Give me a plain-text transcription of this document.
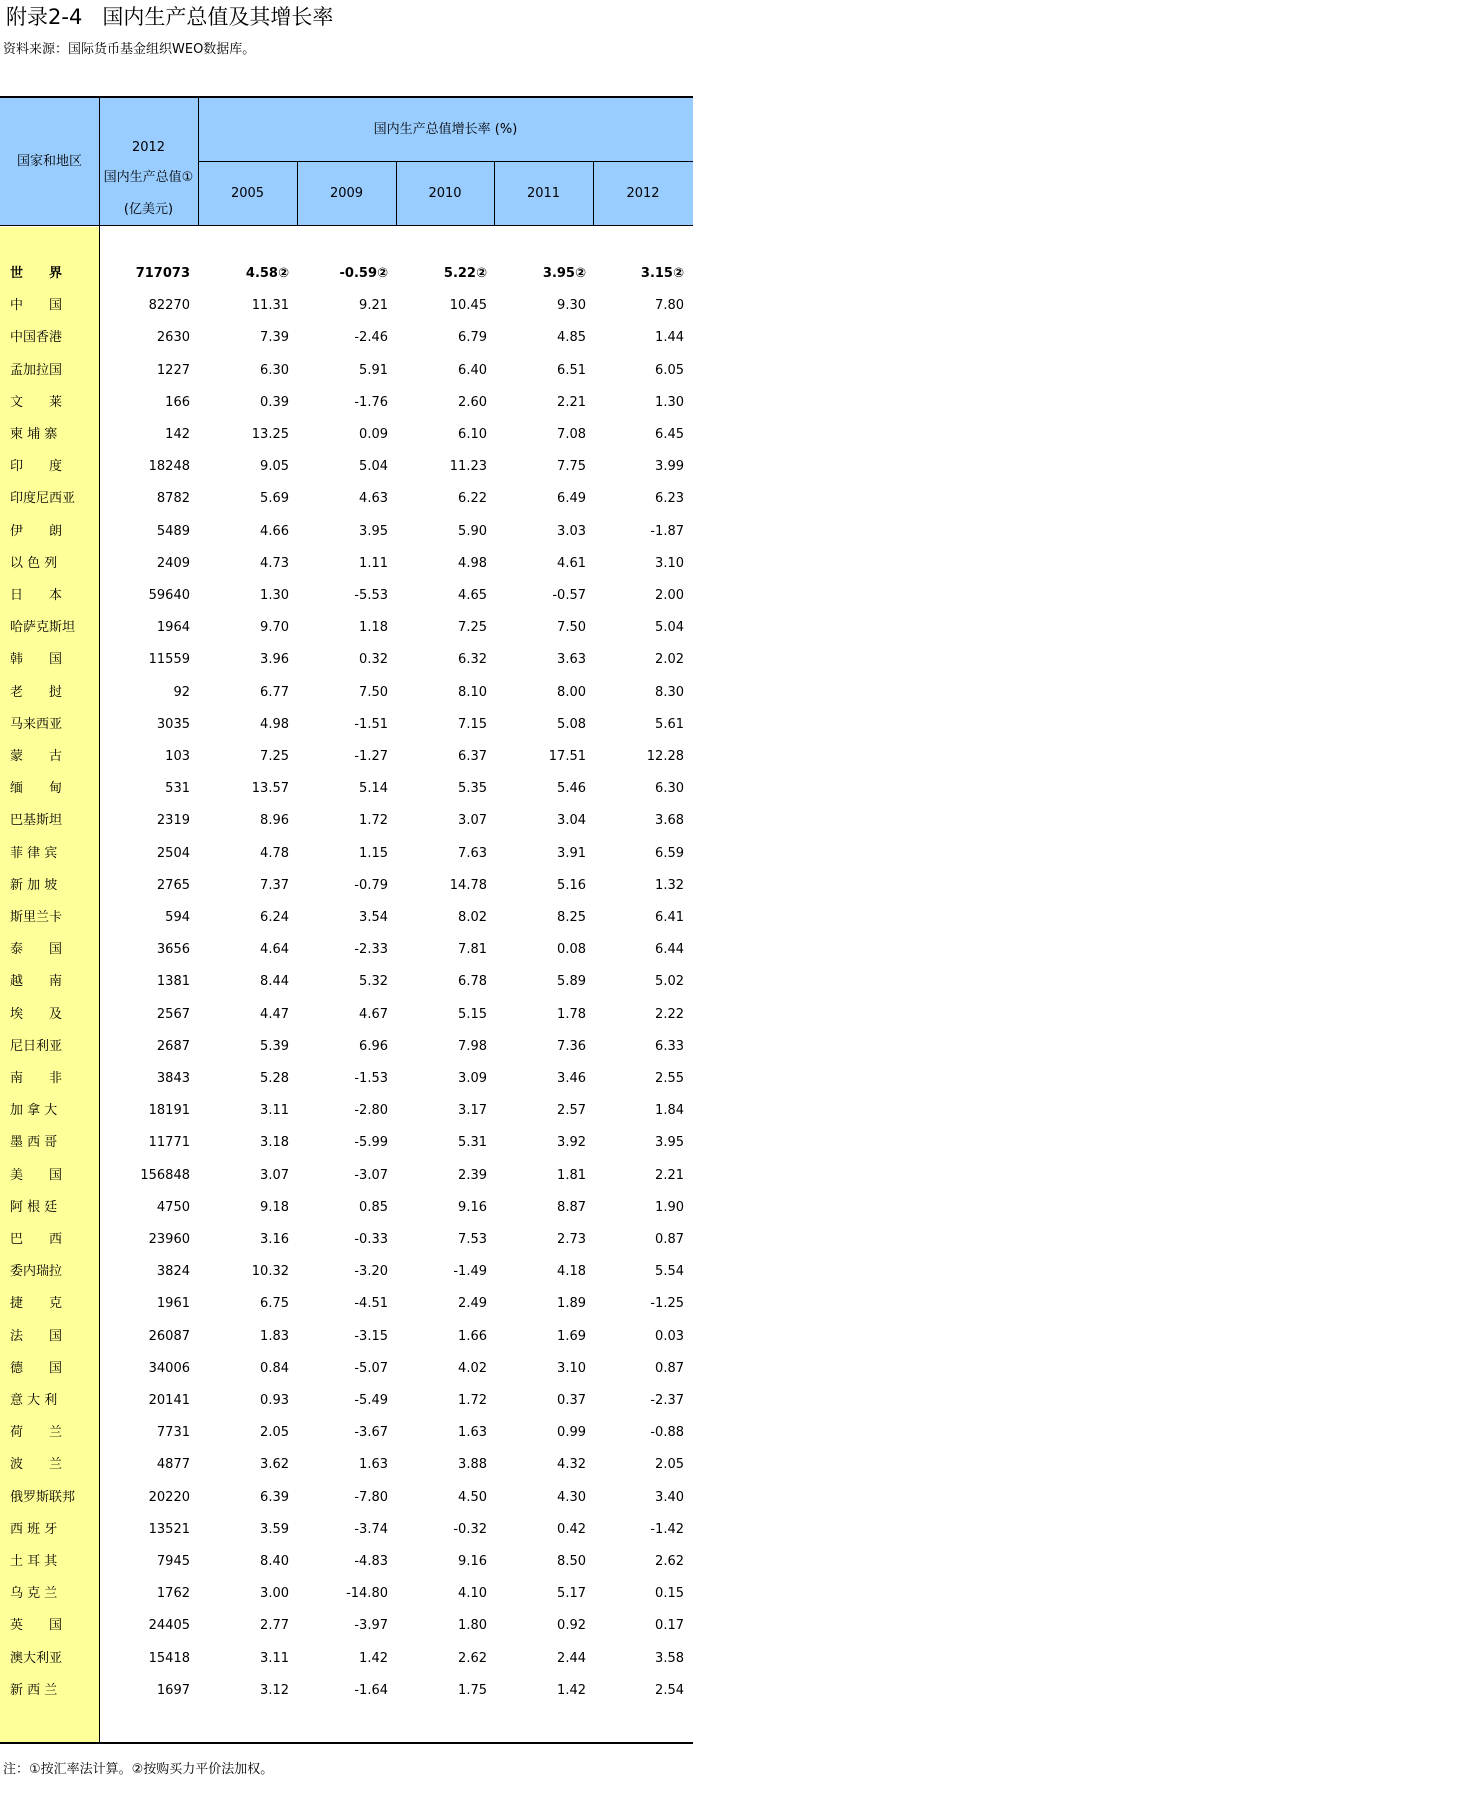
附录2-4   国内生产总值及其增长率
资料来源：国际货币基金组织WEO数据库。
国家和地区
2012
国内生产总值①
(亿美元)
国内生产总值增长率 (%)
2005	2009	2010	2011	2012
世　　界	717073	4.58②	-0.59②	5.22②	3.95②	3.15②
中　　国	82270	11.31	9.21	10.45	9.30	7.80
中国香港	2630	7.39	-2.46	6.79	4.85	1.44
孟加拉国	1227	6.30	5.91	6.40	6.51	6.05
文　　莱	166	0.39	-1.76	2.60	2.21	1.30
柬 埔 寨	142	13.25	0.09	6.10	7.08	6.45
印　　度	18248	9.05	5.04	11.23	7.75	3.99
印度尼西亚	8782	5.69	4.63	6.22	6.49	6.23
伊　　朗	5489	4.66	3.95	5.90	3.03	-1.87
以 色 列	2409	4.73	1.11	4.98	4.61	3.10
日　　本	59640	1.30	-5.53	4.65	-0.57	2.00
哈萨克斯坦	1964	9.70	1.18	7.25	7.50	5.04
韩　　国	11559	3.96	0.32	6.32	3.63	2.02
老　　挝	92	6.77	7.50	8.10	8.00	8.30
马来西亚	3035	4.98	-1.51	7.15	5.08	5.61
蒙　　古	103	7.25	-1.27	6.37	17.51	12.28
缅　　甸	531	13.57	5.14	5.35	5.46	6.30
巴基斯坦	2319	8.96	1.72	3.07	3.04	3.68
菲 律 宾	2504	4.78	1.15	7.63	3.91	6.59
新 加 坡	2765	7.37	-0.79	14.78	5.16	1.32
斯里兰卡	594	6.24	3.54	8.02	8.25	6.41
泰　　国	3656	4.64	-2.33	7.81	0.08	6.44
越　　南	1381	8.44	5.32	6.78	5.89	5.02
埃　　及	2567	4.47	4.67	5.15	1.78	2.22
尼日利亚	2687	5.39	6.96	7.98	7.36	6.33
南　　非	3843	5.28	-1.53	3.09	3.46	2.55
加 拿 大	18191	3.11	-2.80	3.17	2.57	1.84
墨 西 哥	11771	3.18	-5.99	5.31	3.92	3.95
美　　国	156848	3.07	-3.07	2.39	1.81	2.21
阿 根 廷	4750	9.18	0.85	9.16	8.87	1.90
巴　　西	23960	3.16	-0.33	7.53	2.73	0.87
委内瑞拉	3824	10.32	-3.20	-1.49	4.18	5.54
捷　　克	1961	6.75	-4.51	2.49	1.89	-1.25
法　　国	26087	1.83	-3.15	1.66	1.69	0.03
德　　国	34006	0.84	-5.07	4.02	3.10	0.87
意 大 利	20141	0.93	-5.49	1.72	0.37	-2.37
荷　　兰	7731	2.05	-3.67	1.63	0.99	-0.88
波　　兰	4877	3.62	1.63	3.88	4.32	2.05
俄罗斯联邦	20220	6.39	-7.80	4.50	4.30	3.40
西 班 牙	13521	3.59	-3.74	-0.32	0.42	-1.42
土 耳 其	7945	8.40	-4.83	9.16	8.50	2.62
乌 克 兰	1762	3.00	-14.80	4.10	5.17	0.15
英　　国	24405	2.77	-3.97	1.80	0.92	0.17
澳大利亚	15418	3.11	1.42	2.62	2.44	3.58
新 西 兰	1697	3.12	-1.64	1.75	1.42	2.54
注：①按汇率法计算。②按购买力平价法加权。
